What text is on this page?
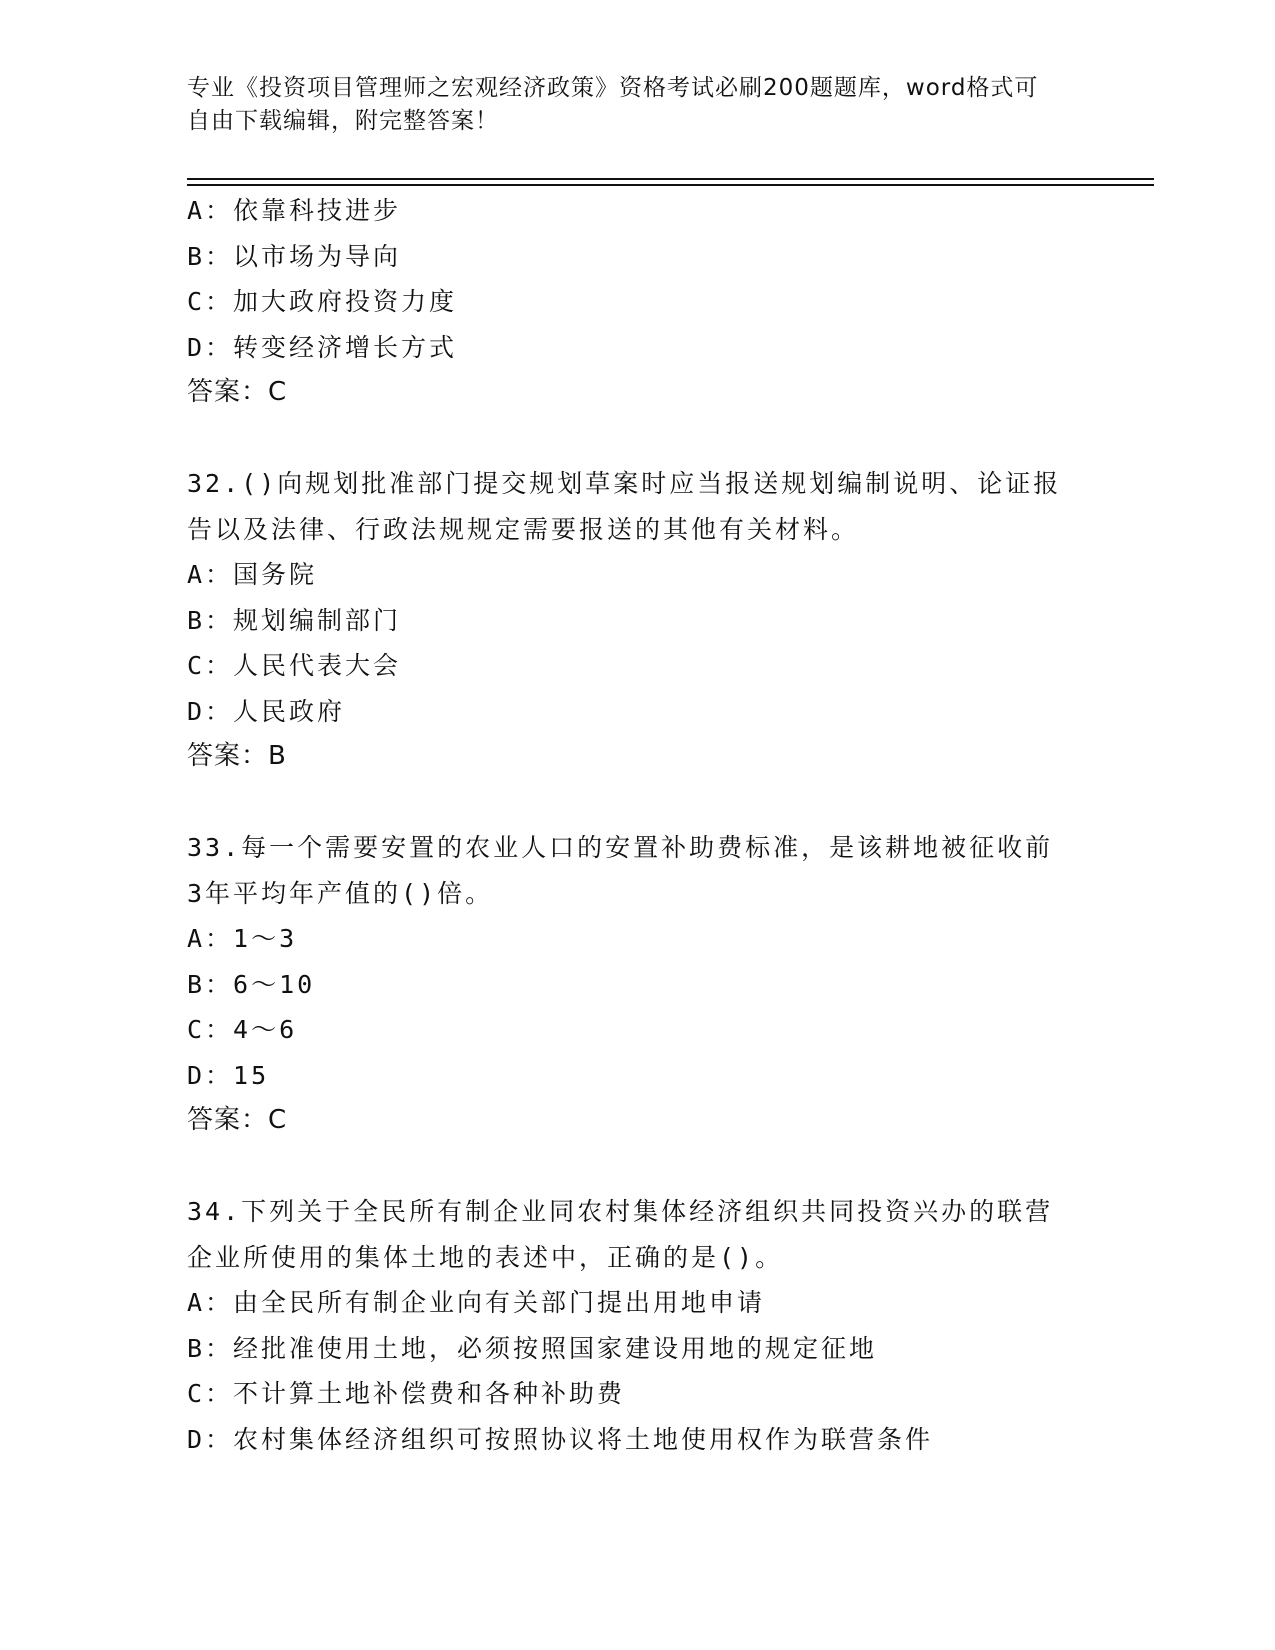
专业《投资项目管理师之宏观经济政策》资格考试必刷200题题库，word格式可
自由下载编辑，附完整答案！
A：依靠科技进步
B：以市场为导向
C：加大政府投资力度
D：转变经济增长方式
答案：C
32.()向规划批准部门提交规划草案时应当报送规划编制说明、论证报
告以及法律、行政法规规定需要报送的其他有关材料。
A：国务院
B：规划编制部门
C：人民代表大会
D：人民政府
答案：B
33.每一个需要安置的农业人口的安置补助费标准，是该耕地被征收前
3年平均年产值的()倍。
A：1～3
B：6～10
C：4～6
D：15
答案：C
34.下列关于全民所有制企业同农村集体经济组织共同投资兴办的联营
企业所使用的集体土地的表述中，正确的是()。
A：由全民所有制企业向有关部门提出用地申请
B：经批准使用土地，必须按照国家建设用地的规定征地
C：不计算土地补偿费和各种补助费
D：农村集体经济组织可按照协议将土地使用权作为联营条件
